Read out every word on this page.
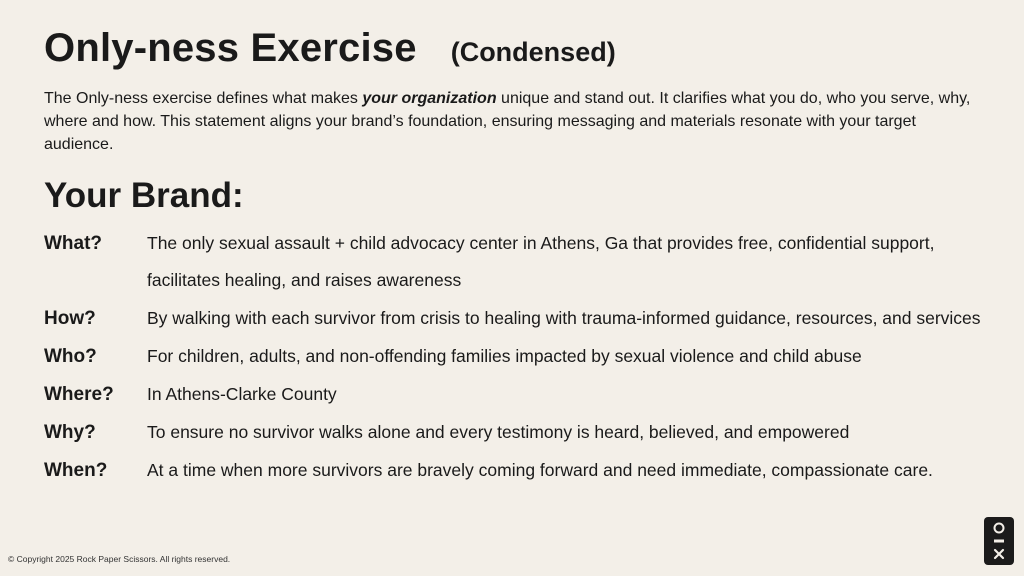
Only-ness Exercise (Condensed)
The Only-ness exercise defines what makes your organization unique and stand out. It clarifies what you do, who you serve, why, where and how. This statement aligns your brand’s foundation, ensuring messaging and materials resonate with your target audience.
Your Brand:
What?	The only sexual assault + child advocacy center in Athens, Ga that provides free, confidential support, facilitates healing, and raises awareness
How?	By walking with each survivor from crisis to healing with trauma-informed guidance, resources, and services
Who?	For children, adults, and non-offending families impacted by sexual violence and child abuse
Where?	In Athens-Clarke County
Why?	To ensure no survivor walks alone and every testimony is heard, believed, and empowered
When?	At a time when more survivors are bravely coming forward and need immediate, compassionate care.
© Copyright 2025 Rock Paper Scissors. All rights reserved.
